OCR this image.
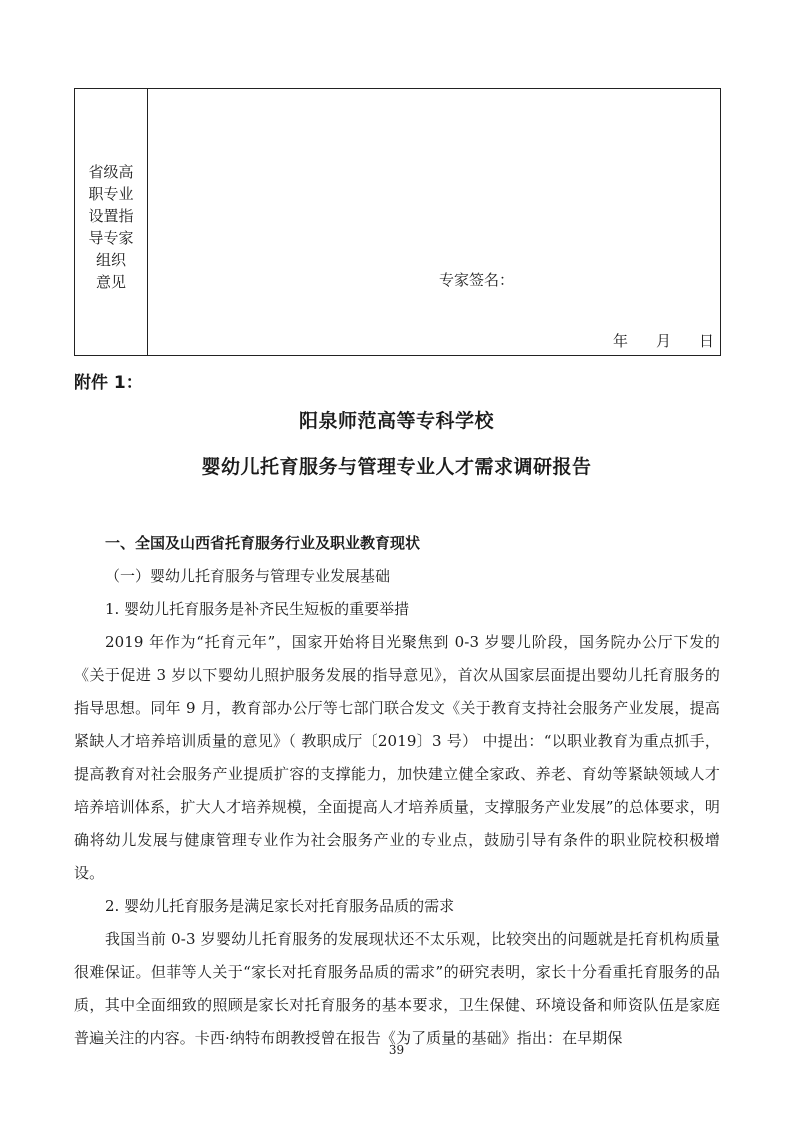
省级高
职专业
设置指
导专家
组织
意见	专家签名：
年 月 日
附件 1：
阳泉师范高等专科学校
婴幼儿托育服务与管理专业人才需求调研报告

一、全国及山西省托育服务行业及职业教育现状

（一）婴幼儿托育服务与管理专业发展基础

1. 婴幼儿托育服务是补齐民生短板的重要举措

2019 年作为“托育元年”，国家开始将目光聚焦到 0-3 岁婴儿阶段，国务院办公厅下发的《关于促进 3 岁以下婴幼儿照护服务发展的指导意见》，首次从国家层面提出婴幼儿托育服务的指导思想。同年 9 月，教育部办公厅等七部门联合发文《关于教育支持社会服务产业发展，提高紧缺人才培养培训质量的意见》（ 教职成厅〔2019〕3 号） 中提出：“以职业教育为重点抓手，提高教育对社会服务产业提质扩容的支撑能力，加快建立健全家政、养老、育幼等紧缺领域人才培养培训体系，扩大人才培养规模，全面提高人才培养质量，支撑服务产业发展”的总体要求，明确将幼儿发展与健康管理专业作为社会服务产业的专业点，鼓励引导有条件的职业院校积极增设。

2. 婴幼儿托育服务是满足家长对托育服务品质的需求

我国当前 0-3 岁婴幼儿托育服务的发展现状还不太乐观，比较突出的问题就是托育机构质量很难保证。但菲等人关于“家长对托育服务品质的需求”的研究表明，家长十分看重托育服务的品质，其中全面细致的照顾是家长对托育服务的基本要求，卫生保健、环境设备和师资队伍是家庭普遍关注的内容。卡西·纳特布朗教授曾在报告《为了质量的基础》指出：在早期保

39
